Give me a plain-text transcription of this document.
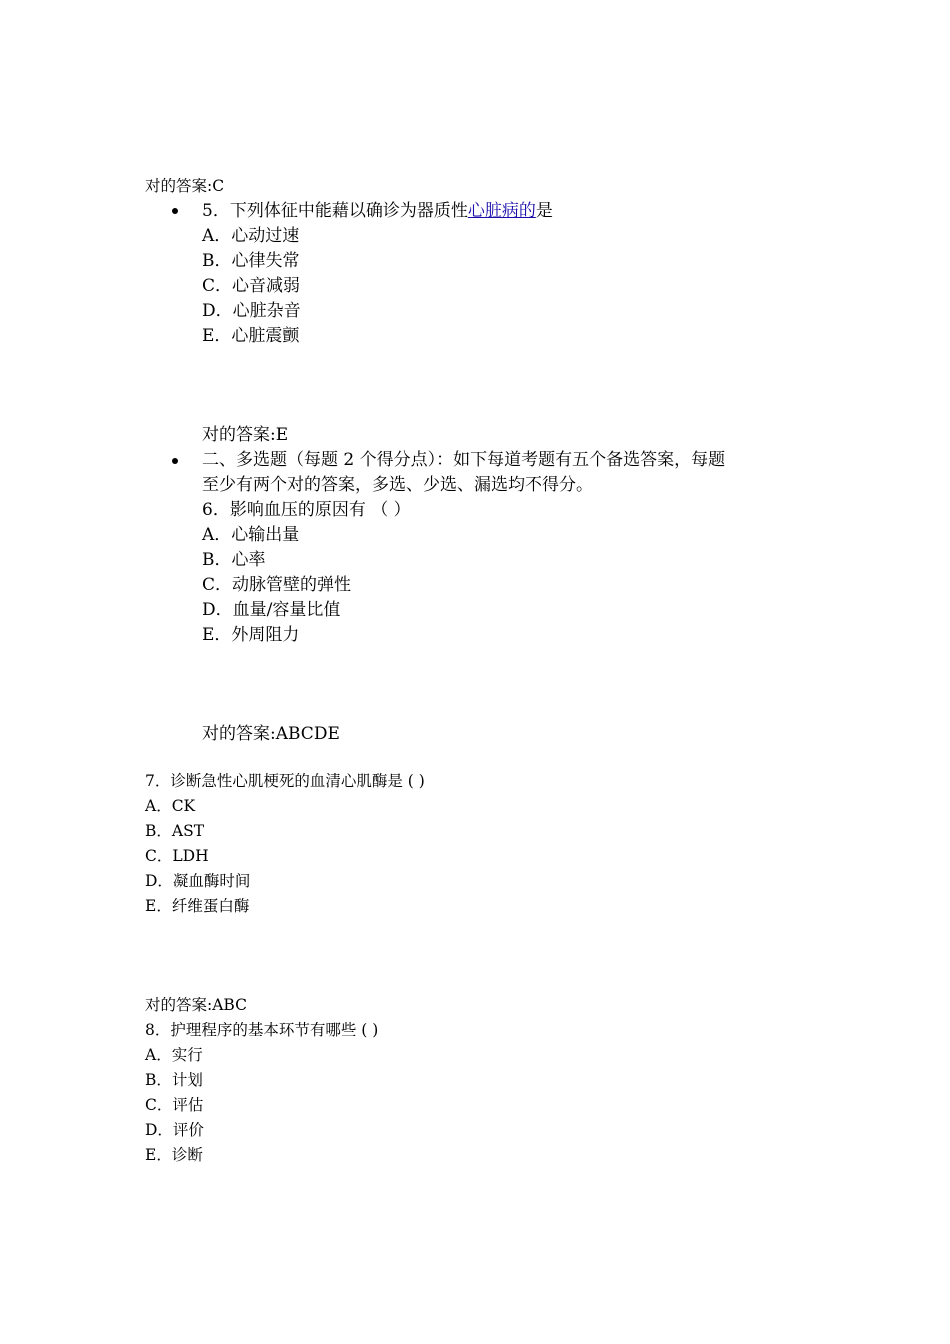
对的答案:C
5．下列体征中能藉以确诊为器质性心脏病的是
A．心动过速
B．心律失常
C．心音减弱
D．心脏杂音
E．心脏震颤
对的答案:E
二、多选题（每题 2 个得分点）：如下每道考题有五个备选答案，每题
至少有两个对的答案，多选、少选、漏选均不得分。
6．影响血压的原因有 （ ）
A．心输出量
B．心率
C．动脉管壁的弹性
D．血量/容量比值
E．外周阻力
对的答案:ABCDE
7．诊断急性心肌梗死的血清心肌酶是 ( )
A．CK
B．AST
C．LDH
D．凝血酶时间
E．纤维蛋白酶
对的答案:ABC
8．护理程序的基本环节有哪些 ( )
A．实行
B．计划
C．评估
D．评价
E．诊断
